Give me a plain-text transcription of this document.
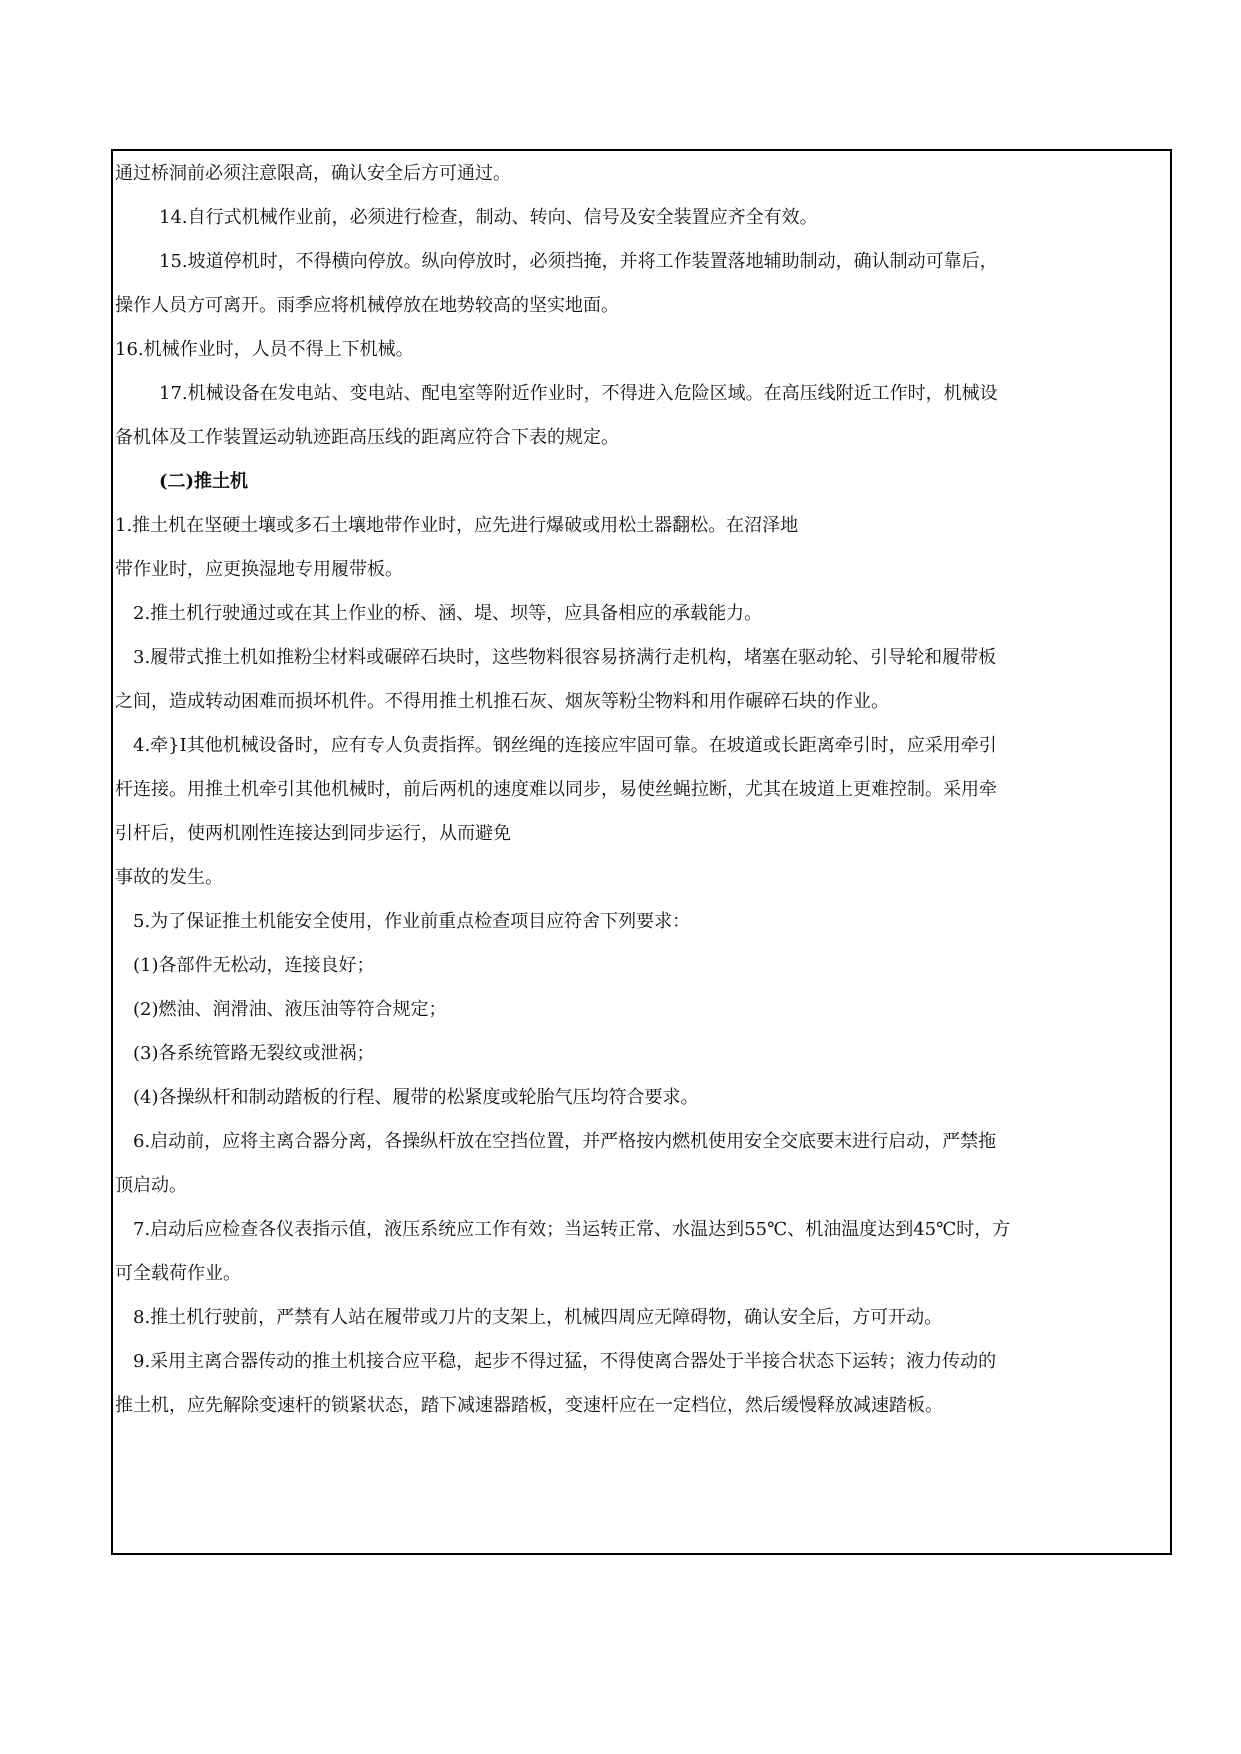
通过桥洞前必须注意限高，确认安全后方可通过。
14.自行式机械作业前，必须进行检查，制动、转向、信号及安全装置应齐全有效。
15.坡道停机时，不得横向停放。纵向停放时，必须挡掩，并将工作装置落地辅助制动，确认制动可靠后，
操作人员方可离开。雨季应将机械停放在地势较高的坚实地面。
16.机械作业时，人员不得上下机械。
17.机械设备在发电站、变电站、配电室等附近作业时，不得进入危险区域。在高压线附近工作时，机械设
备机体及工作装置运动轨迹距高压线的距离应符合下表的规定。
(二)推土机
1.推土机在坚硬土壤或多石土壤地带作业时，应先进行爆破或用松土器翻松。在沼泽地
带作业时，应更换湿地专用履带板。
2.推土机行驶通过或在其上作业的桥、涵、堤、坝等，应具备相应的承载能力。
3.履带式推土机如推粉尘材料或碾碎石块时，这些物料很容易挤满行走机构，堵塞在驱动轮、引导轮和履带板
之间，造成转动困难而损坏机件。不得用推土机推石灰、烟灰等粉尘物料和用作碾碎石块的作业。
4.牵}I其他机械设备时，应有专人负责指挥。钢丝绳的连接应牢固可靠。在坡道或长距离牵引时，应采用牵引
杆连接。用推土机牵引其他机械时，前后两机的速度难以同步，易使丝蝇拉断，尤其在坡道上更难控制。采用牵
引杆后，使两机刚性连接达到同步运行，从而避免
事故的发生。
5.为了保证推土机能安全使用，作业前重点检查项目应符舍下列要求：
(1)各部件无松动，连接良好；
(2)燃油、润滑油、液压油等符合规定；
(3)各系统管路无裂纹或泄祸；
(4)各操纵杆和制动踏板的行程、履带的松紧度或轮胎气压均符合要求。
6.启动前，应将主离合器分离，各操纵杆放在空挡位置，并严格按内燃机使用安全交底要末进行启动，严禁拖
顶启动。
7.启动后应检查各仪表指示值，液压系统应工作有效；当运转正常、水温达到55℃、机油温度达到45℃时，方
可全载荷作业。
8.推土机行驶前，严禁有人站在履带或刀片的支架上，机械四周应无障碍物，确认安全后，方可开动。
9.采用主离合器传动的推土机接合应平稳，起步不得过猛，不得使离合器处于半接合状态下运转；液力传动的
推土机，应先解除变速杆的锁紧状态，踏下减速器踏板，变速杆应在一定档位，然后缓慢释放减速踏板。
